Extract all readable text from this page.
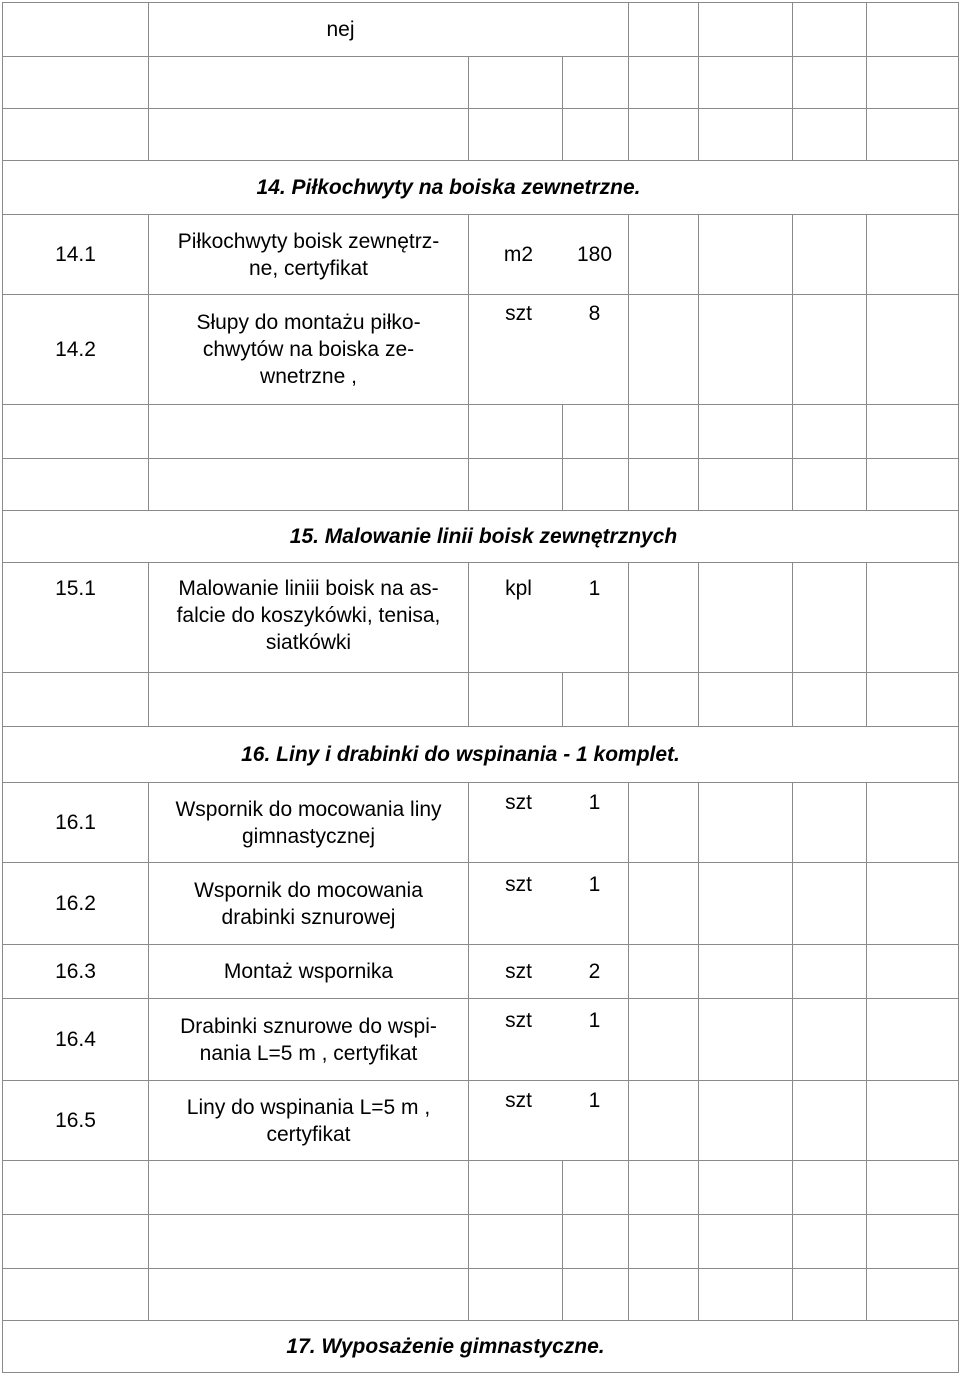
	nej						

14. Piłkochwyty na boiska zewnetrzne.							
14.1	Piłkochwyty boisk zewnętrz-
ne, certyfikat	m2 180					
14.2	Słupy do montażu piłko-
chwytów na boiska ze-
wnetrzne ,	szt 8					

15. Malowanie linii boisk zewnętrznych							
15.1	Malowanie liniii boisk na as-
falcie do koszykówki, tenisa,
siatkówki	kpl 1					

16. Liny i drabinki do wspinania - 1 komplet.							
16.1	Wspornik do mocowania liny
gimnastycznej	szt 1					
16.2	Wspornik do mocowania
drabinki sznurowej	szt 1					
16.3	Montaż wspornika	szt 2					
16.4	Drabinki sznurowe do wspi-
nania L=5 m , certyfikat	szt 1					
16.5	Liny do wspinania L=5 m ,
certyfikat	szt 1					

17. Wyposażenie gimnastyczne.							
